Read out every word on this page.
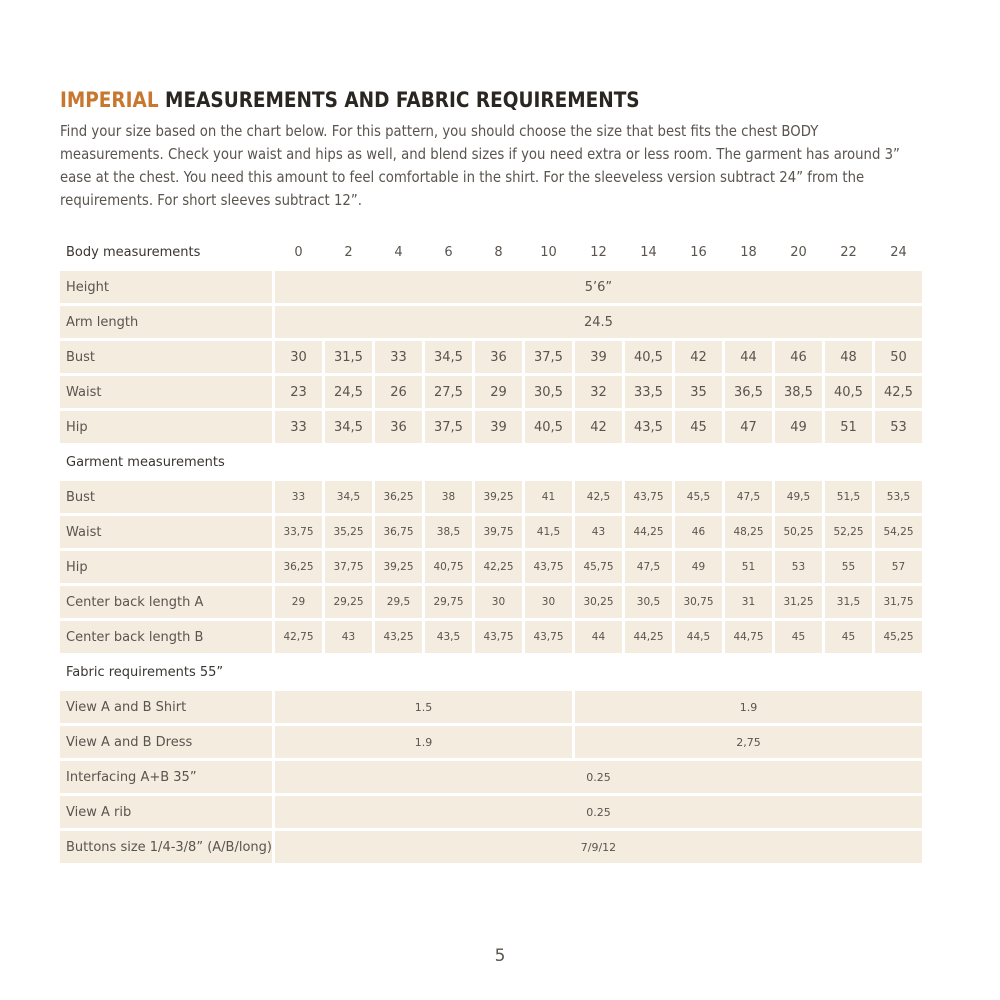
IMPERIAL MEASUREMENTS AND FABRIC REQUIREMENTS
Find your size based on the chart below. For this pattern, you should choose the size that best fits the chest BODY measurements. Check your waist and hips as well, and blend sizes if you need extra or less room. The garment has around 3” ease at the chest. You need this amount to feel comfortable in the shirt. For the sleeveless version subtract 24” from the requirements. For short sleeves subtract 12”.
Body measurements	0	2	4	6	8	10	12	14	16	18	20	22	24
Height	5’6”												
Arm length	24.5												
Bust	30	31,5	33	34,5	36	37,5	39	40,5	42	44	46	48	50
Waist	23	24,5	26	27,5	29	30,5	32	33,5	35	36,5	38,5	40,5	42,5
Hip	33	34,5	36	37,5	39	40,5	42	43,5	45	47	49	51	53
Garment measurements													
Bust	33	34,5	36,25	38	39,25	41	42,5	43,75	45,5	47,5	49,5	51,5	53,5
Waist	33,75	35,25	36,75	38,5	39,75	41,5	43	44,25	46	48,25	50,25	52,25	54,25
Hip	36,25	37,75	39,25	40,75	42,25	43,75	45,75	47,5	49	51	53	55	57
Center back length A	29	29,25	29,5	29,75	30	30	30,25	30,5	30,75	31	31,25	31,5	31,75
Center back length B	42,75	43	43,25	43,5	43,75	43,75	44	44,25	44,5	44,75	45	45	45,25
Fabric requirements 55”													
View A and B Shirt	1.5						1.9						
View A and B Dress	1.9						2,75						
Interfacing A+B 35”	0.25												
View A rib	0.25												
Buttons size 1/4-3/8” (A/B/long)	7/9/12												
5
